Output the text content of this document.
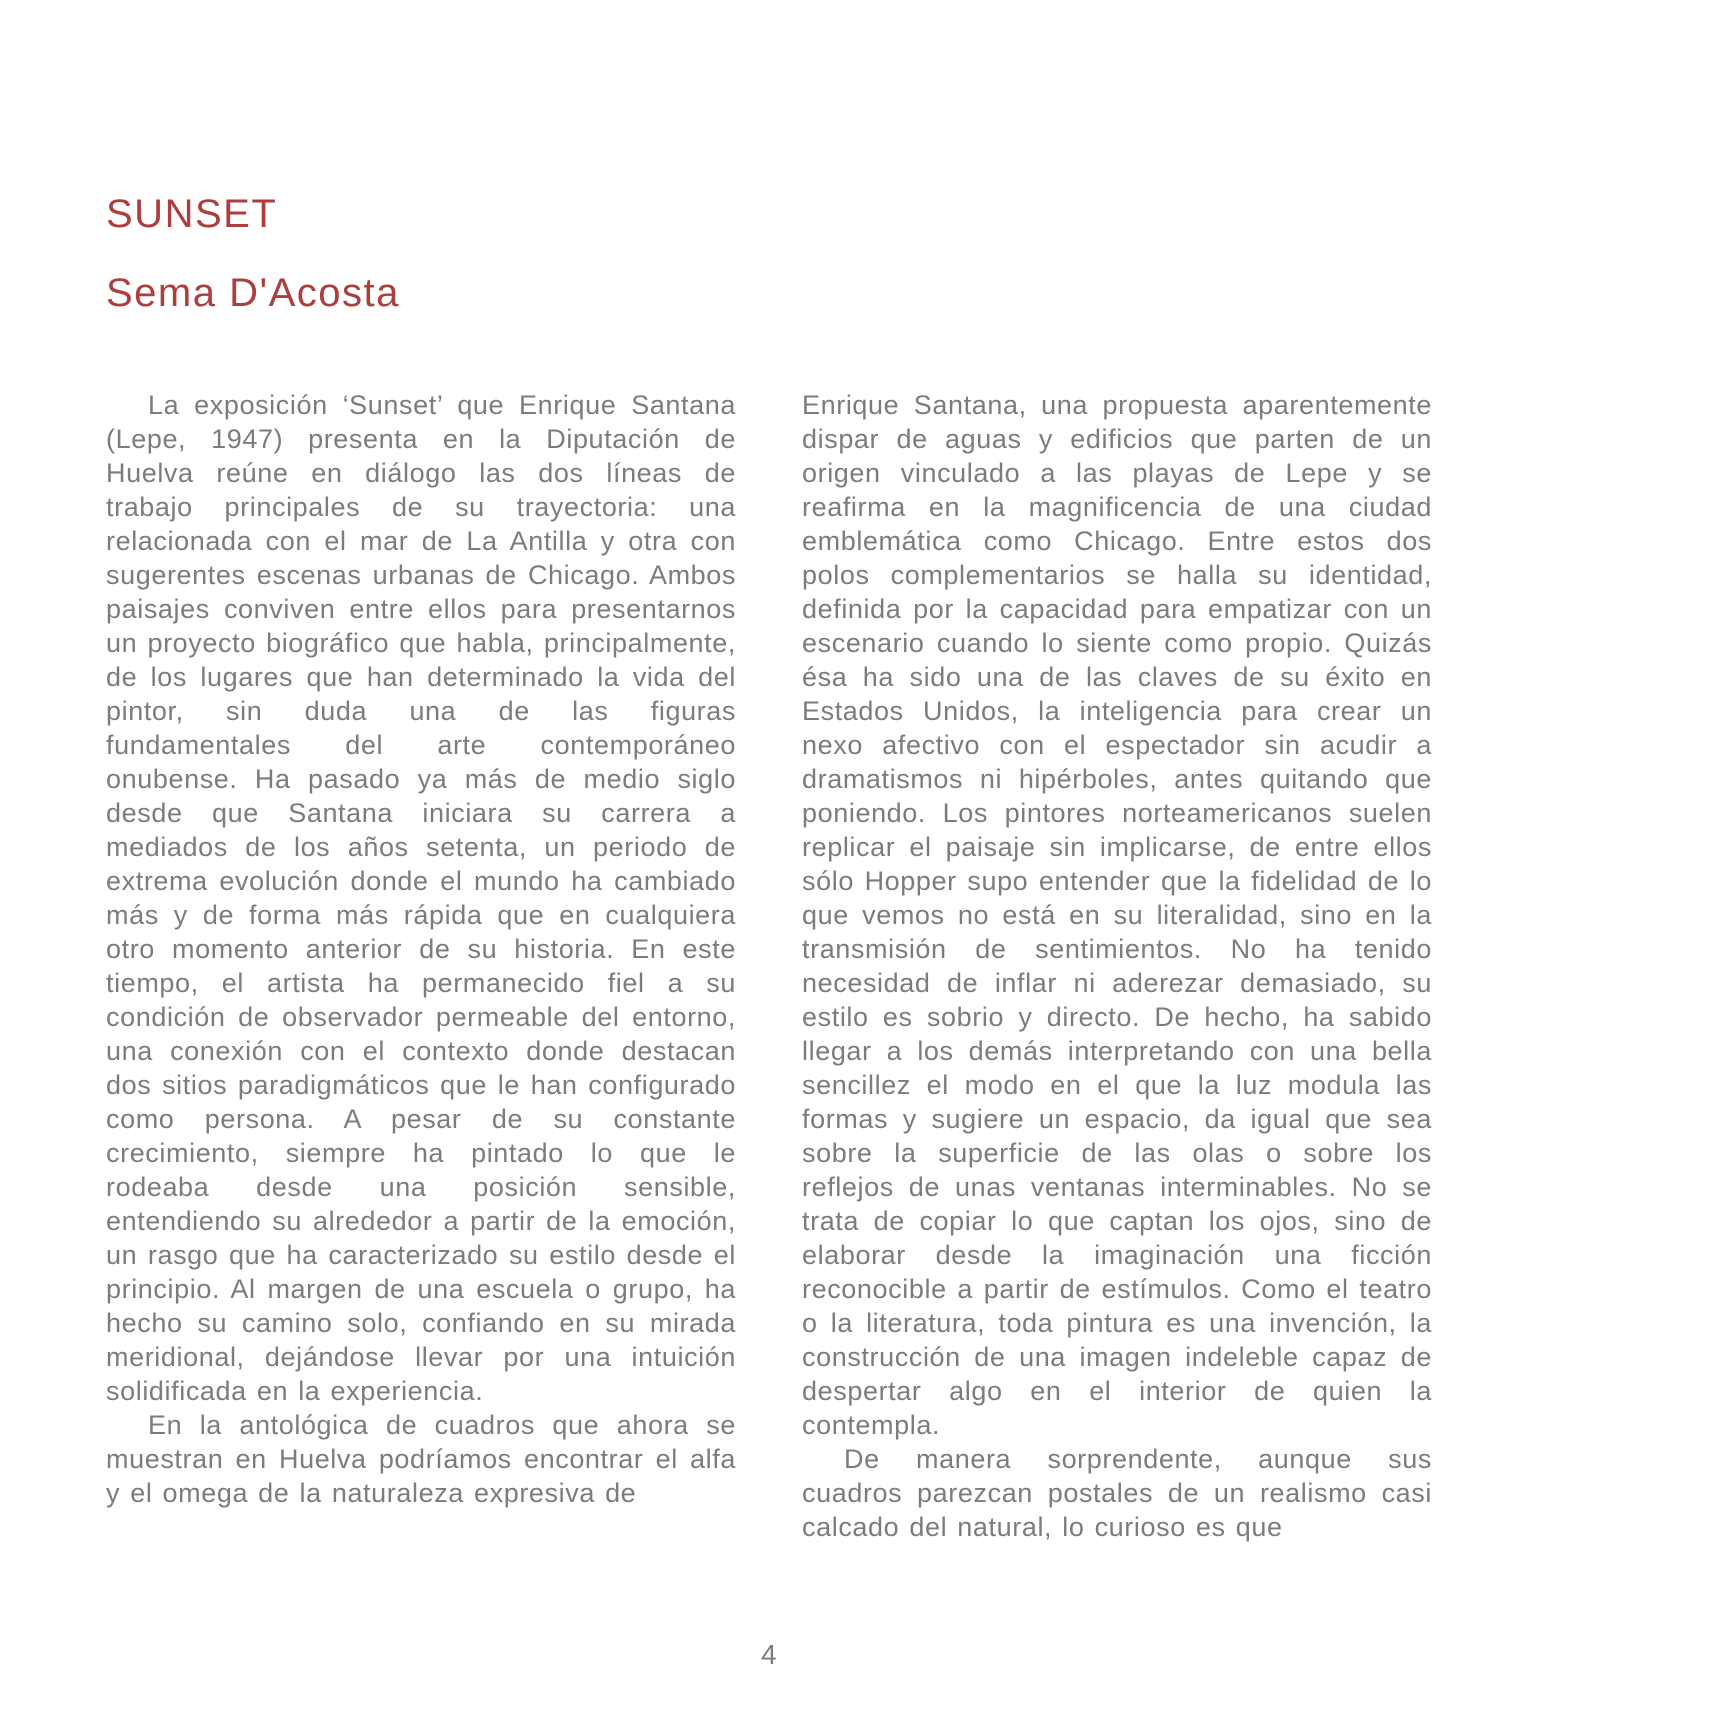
SUNSET
Sema D'Acosta

La exposición ‘Sunset’ que Enrique Santana (Lepe, 1947) presenta en la Diputación de Huelva reúne en diálogo las dos líneas de trabajo principales de su trayectoria: una relacionada con el mar de La Antilla y otra con sugerentes escenas urbanas de Chicago. Ambos paisajes conviven entre ellos para presentarnos un proyecto biográfico que habla, principalmente, de los lugares que han determinado la vida del pintor, sin duda una de las figuras fundamentales del arte contemporáneo onubense. Ha pasado ya más de medio siglo desde que Santana iniciara su carrera a mediados de los años setenta, un periodo de extrema evolución donde el mundo ha cambiado más y de forma más rápida que en cualquiera otro momento anterior de su historia. En este tiempo, el artista ha permanecido fiel a su condición de observador permeable del entorno, una conexión con el contexto donde destacan dos sitios paradigmáticos que le han configurado como persona. A pesar de su constante crecimiento, siempre ha pintado lo que le rodeaba desde una posición sensible, entendiendo su alrededor a partir de la emoción, un rasgo que ha caracterizado su estilo desde el principio. Al margen de una escuela o grupo, ha hecho su camino solo, confiando en su mirada meridional, dejándose llevar por una intuición solidificada en la experiencia.

En la antológica de cuadros que ahora se muestran en Huelva podríamos encontrar el alfa y el omega de la naturaleza expresiva de

Enrique Santana, una propuesta aparentemente dispar de aguas y edificios que parten de un origen vinculado a las playas de Lepe y se reafirma en la magnificencia de una ciudad emblemática como Chicago. Entre estos dos polos complementarios se halla su identidad, definida por la capacidad para empatizar con un escenario cuando lo siente como propio. Quizás ésa ha sido una de las claves de su éxito en Estados Unidos, la inteligencia para crear un nexo afectivo con el espectador sin acudir a dramatismos ni hipérboles, antes quitando que poniendo. Los pintores norteamericanos suelen replicar el paisaje sin implicarse, de entre ellos sólo Hopper supo entender que la fidelidad de lo que vemos no está en su literalidad, sino en la transmisión de sentimientos. No ha tenido necesidad de inflar ni aderezar demasiado, su estilo es sobrio y directo. De hecho, ha sabido llegar a los demás interpretando con una bella sencillez el modo en el que la luz modula las formas y sugiere un espacio, da igual que sea sobre la superficie de las olas o sobre los reflejos de unas ventanas interminables. No se trata de copiar lo que captan los ojos, sino de elaborar desde la imaginación una ficción reconocible a partir de estímulos. Como el teatro o la literatura, toda pintura es una invención, la construcción de una imagen indeleble capaz de despertar algo en el interior de quien la contempla.

De manera sorprendente, aunque sus cuadros parezcan postales de un realismo casi calcado del natural, lo curioso es que

4
